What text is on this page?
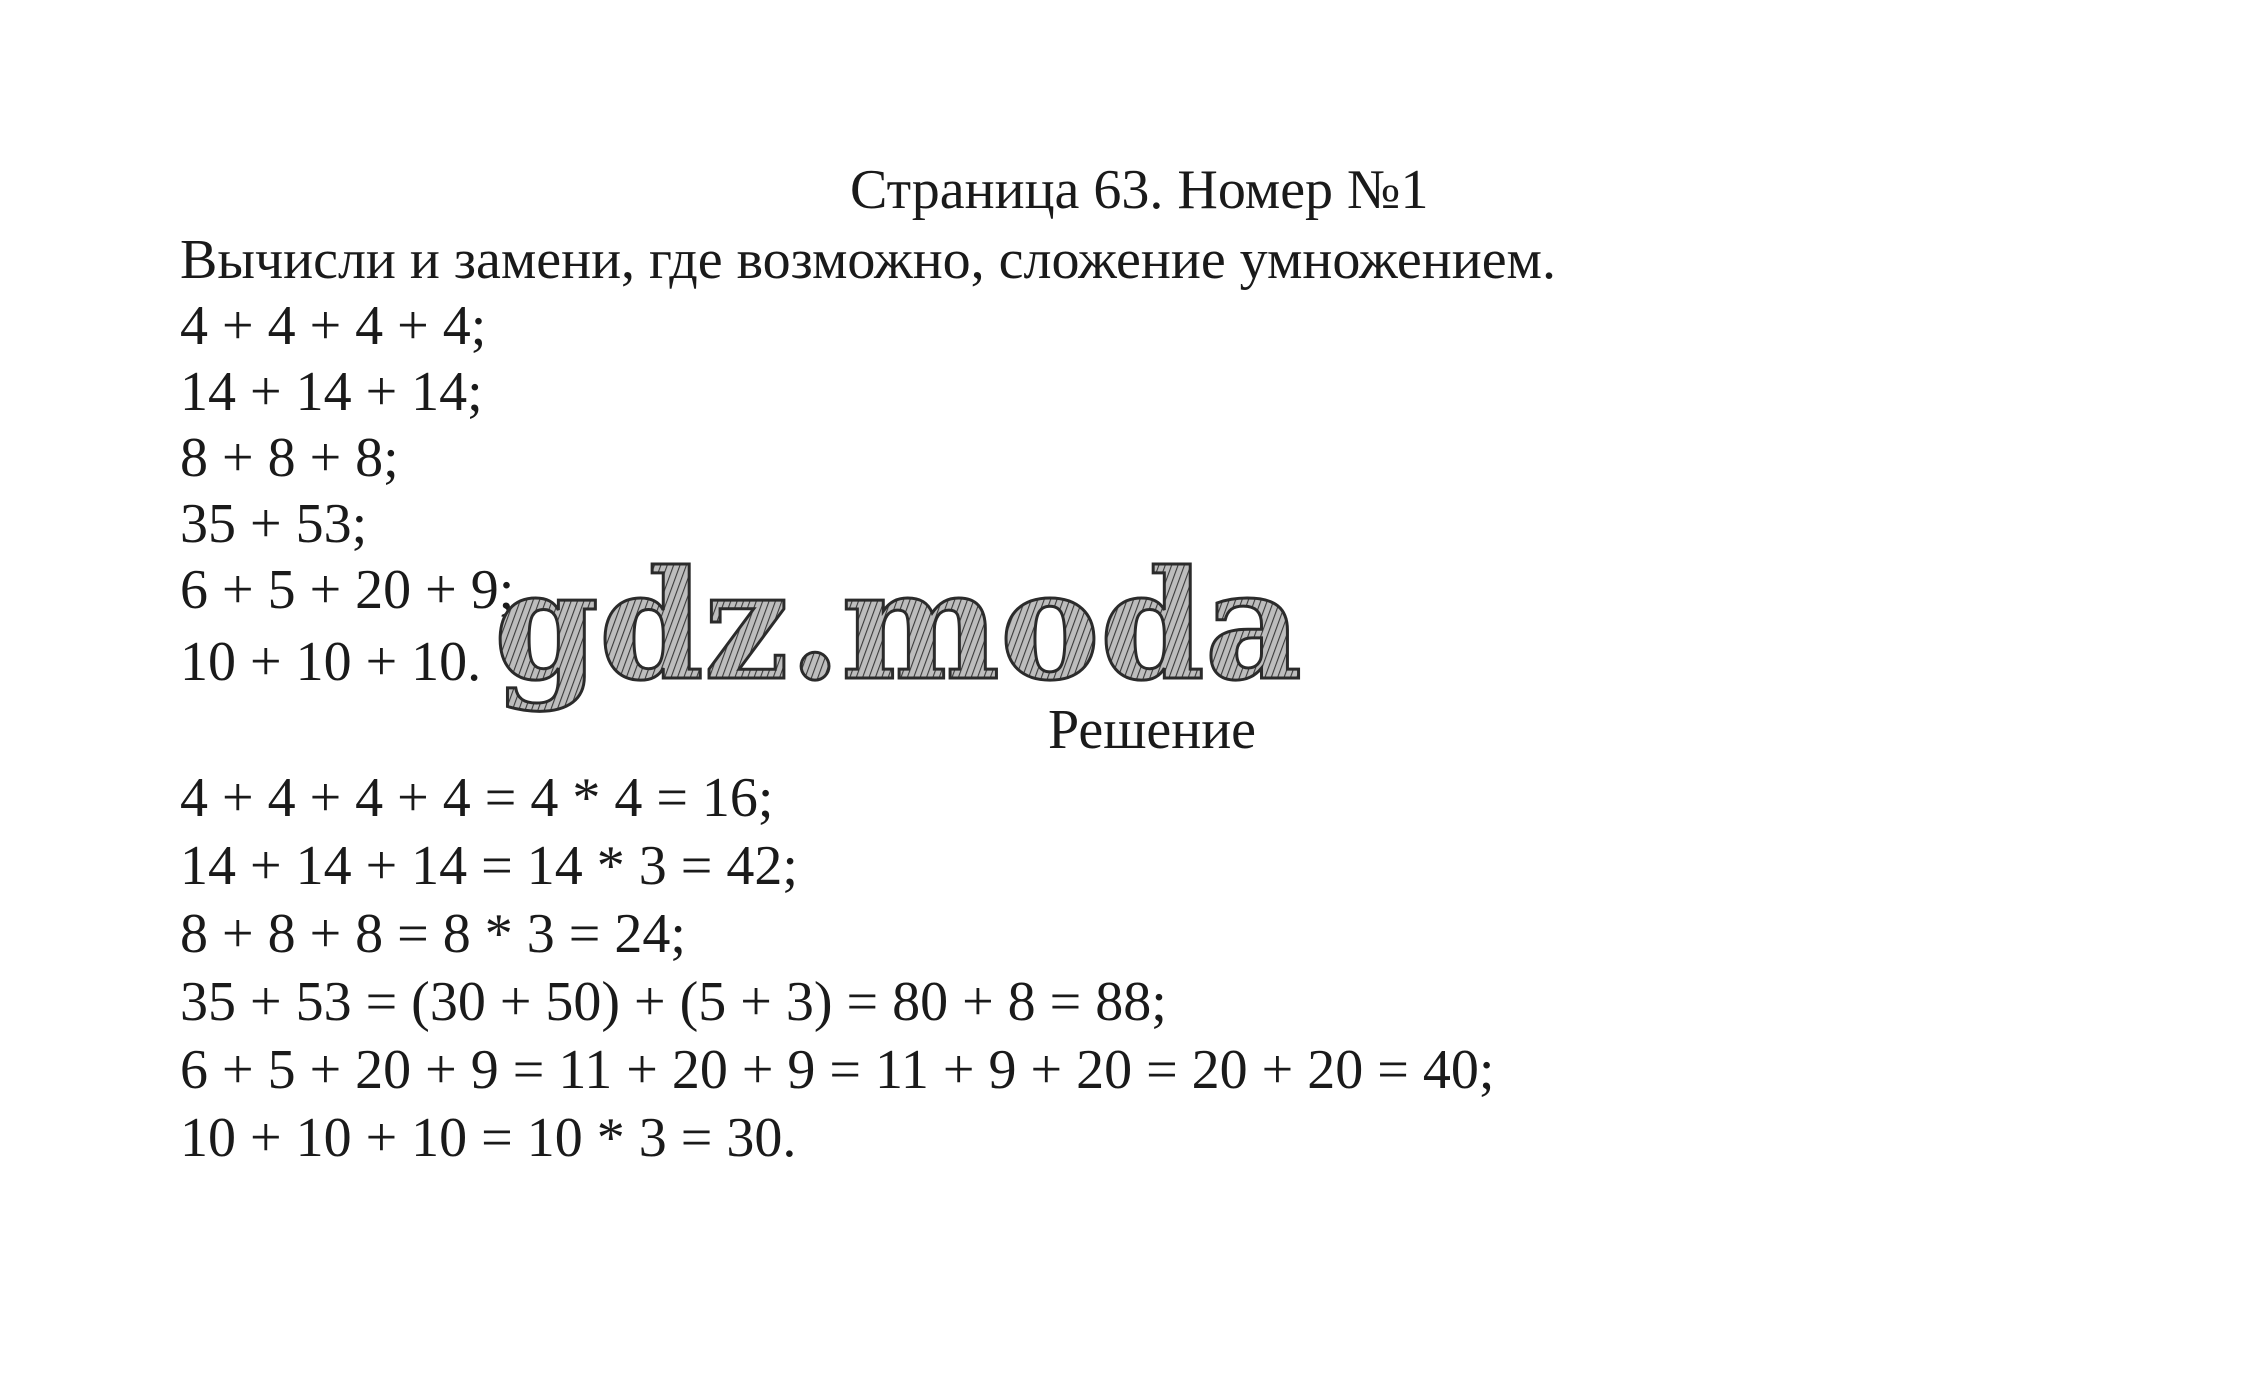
Страница 63. Номер №1

Вычисли и замени, где возможно, сложение умножением.

4 + 4 + 4 + 4;

14 + 14 + 14;

8 + 8 + 8;

35 + 53;

6 + 5 + 20 + 9;

10 + 10 + 10. gdz.moda
Решение

4 + 4 + 4 + 4 = 4 * 4 = 16;

14 + 14 + 14 = 14 * 3 = 42;

8 + 8 + 8 = 8 * 3 = 24;

35 + 53 = (30 + 50) + (5 + 3) = 80 + 8 = 88;

6 + 5 + 20 + 9 = 11 + 20 + 9 = 11 + 9 + 20 = 20 + 20 = 40;

10 + 10 + 10 = 10 * 3 = 30.
